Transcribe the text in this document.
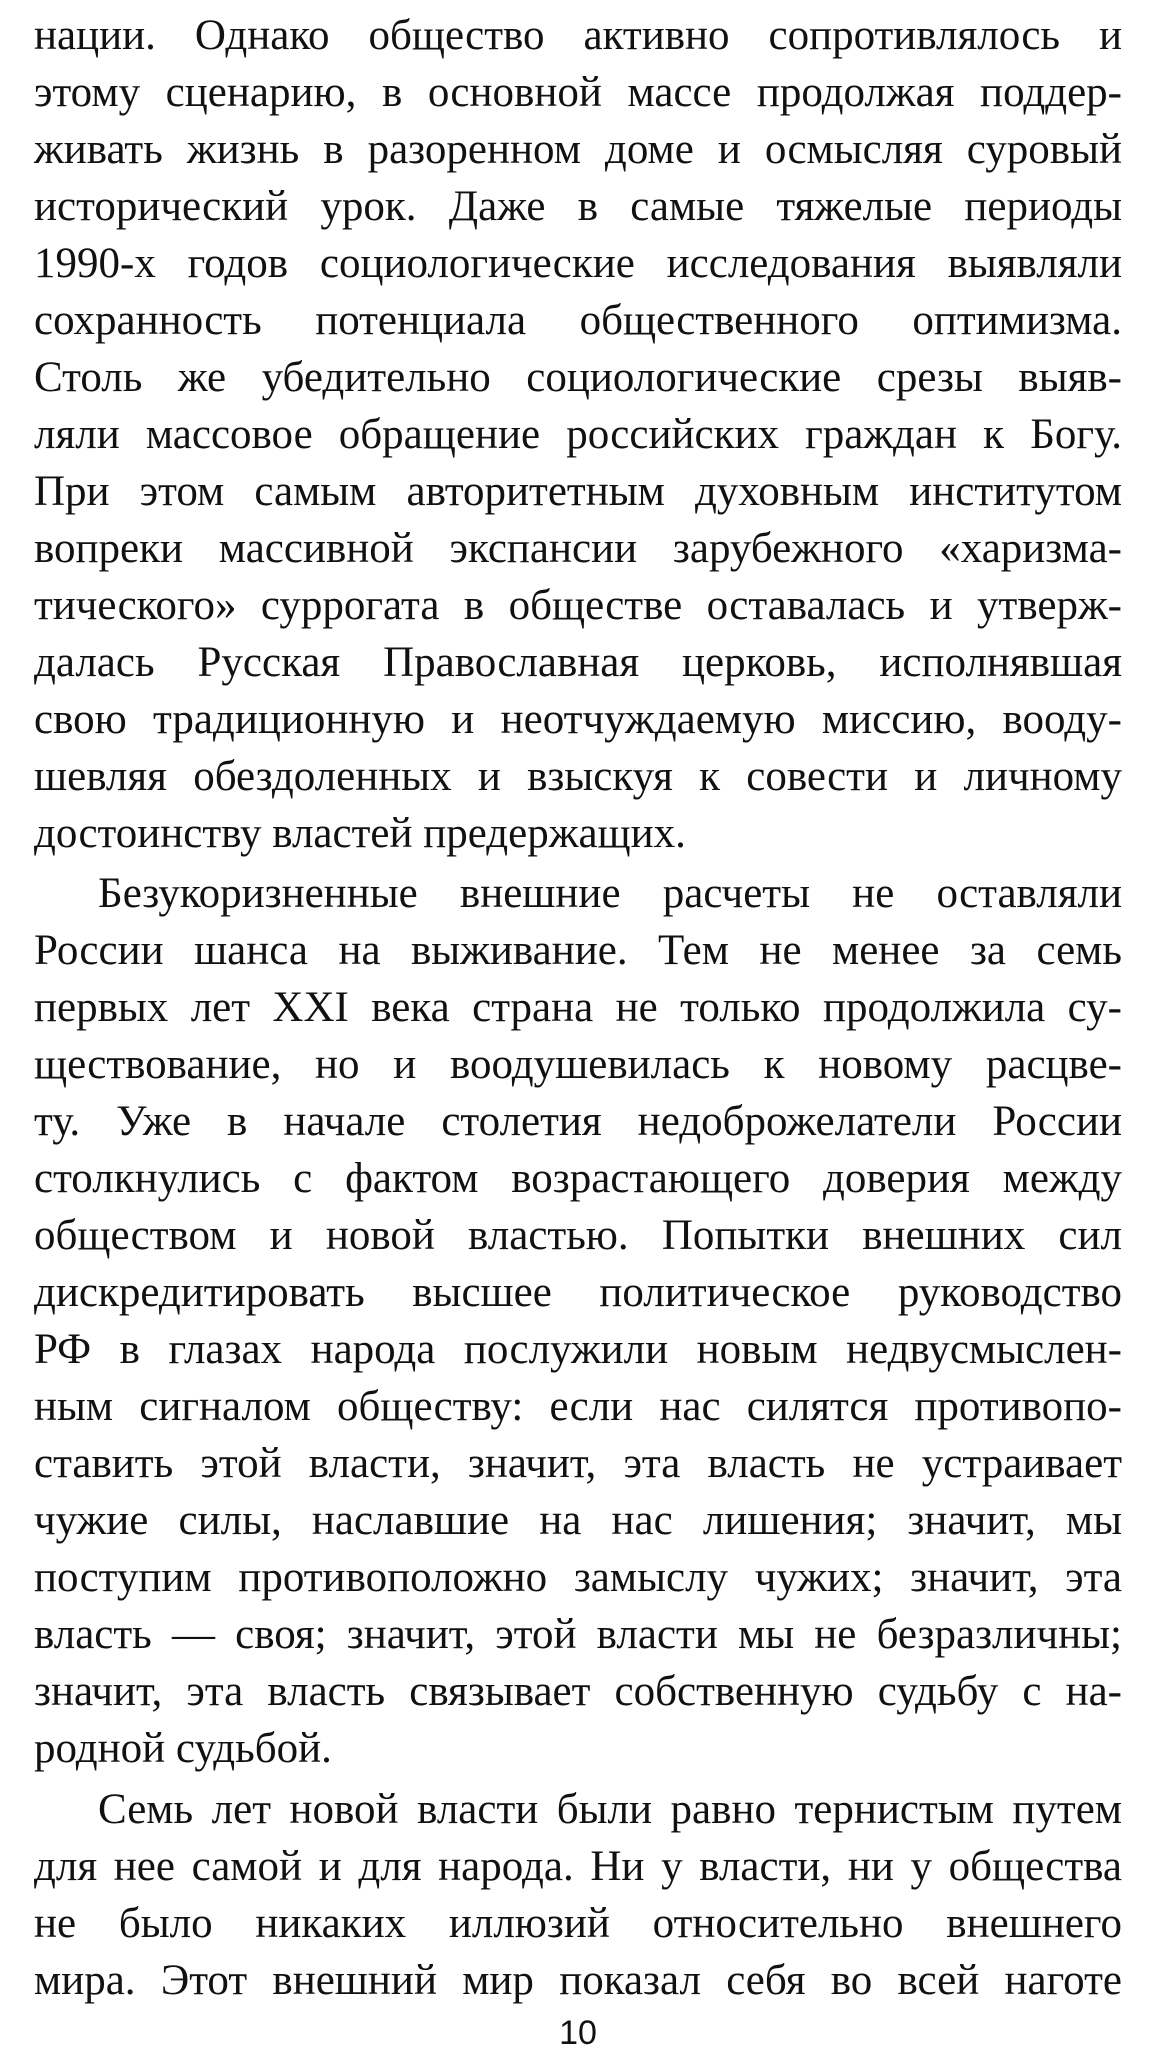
нации. Однако общество активно сопротивлялось и
этому сценарию, в основной массе продолжая поддер-
живать жизнь в разоренном доме и осмысляя суровый
исторический урок. Даже в самые тяжелые периоды
1990-х годов социологические исследования выявляли
сохранность потенциала общественного оптимизма.
Столь же убедительно социологические срезы выяв-
ляли массовое обращение российских граждан к Богу.
При этом самым авторитетным духовным институтом
вопреки массивной экспансии зарубежного «харизма-
тического» суррогата в обществе оставалась и утверж-
далась Русская Православная церковь, исполнявшая
свою традиционную и неотчуждаемую миссию, вооду-
шевляя обездоленных и взыскуя к совести и личному
достоинству властей предержащих.
Безукоризненные внешние расчеты не оставляли
России шанса на выживание. Тем не менее за семь
первых лет XXI века страна не только продолжила су-
ществование, но и воодушевилась к новому расцве-
ту. Уже в начале столетия недоброжелатели России
столкнулись с фактом возрастающего доверия между
обществом и новой властью. Попытки внешних сил
дискредитировать высшее политическое руководство
РФ в глазах народа послужили новым недвусмыслен-
ным сигналом обществу: если нас силятся противопо-
ставить этой власти, значит, эта власть не устраивает
чужие силы, наславшие на нас лишения; значит, мы
поступим противоположно замыслу чужих; значит, эта
власть — своя; значит, этой власти мы не безразличны;
значит, эта власть связывает собственную судьбу с на-
родной судьбой.
Семь лет новой власти были равно тернистым путем
для нее самой и для народа. Ни у власти, ни у общества
не было никаких иллюзий относительно внешнего
мира. Этот внешний мир показал себя во всей наготе
10
